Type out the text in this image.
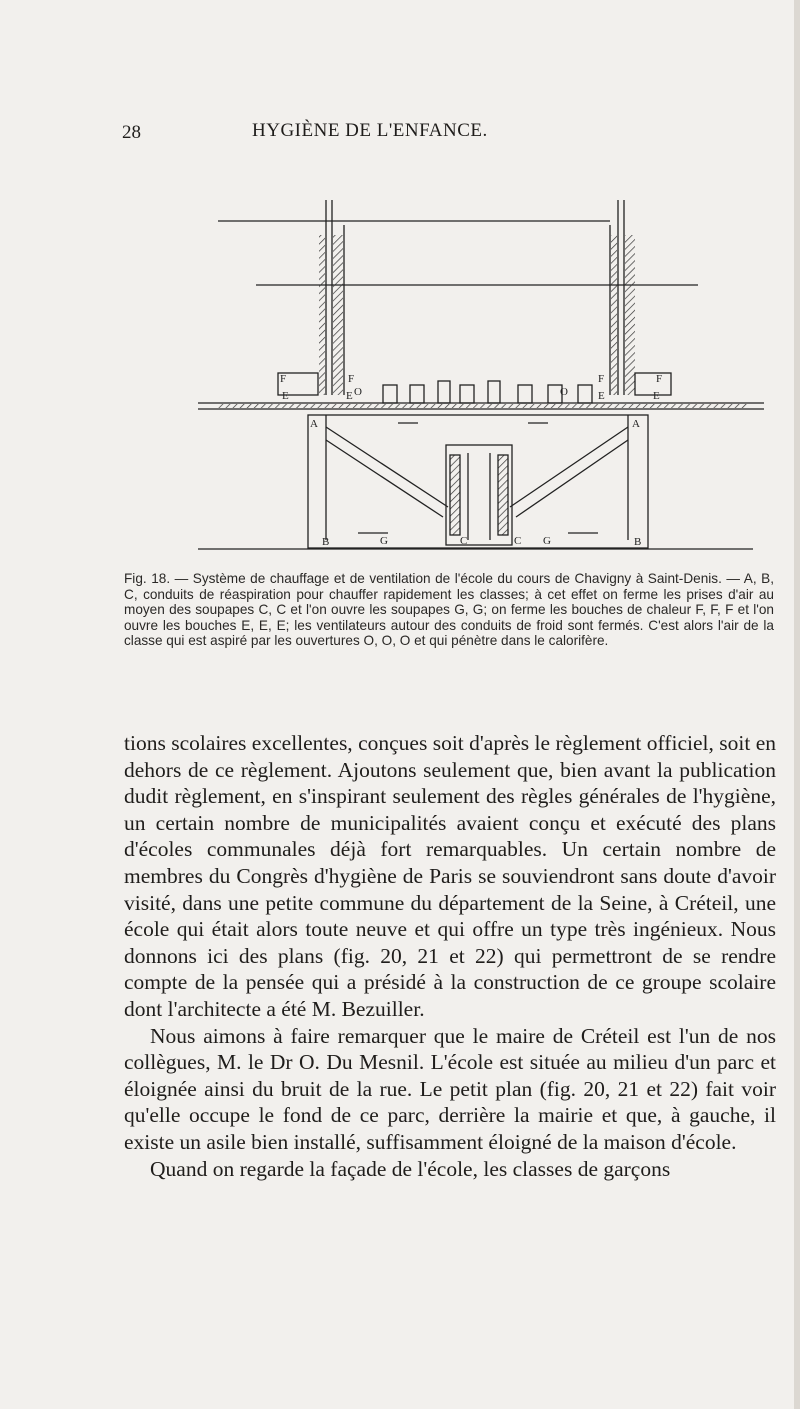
28	HYGIÈNE DE L'ENFANCE.
F	F	F	F
E	E	E	E
A	A
B	B
C	C
G	G
O	O

Fig. 18. — Système de chauffage et de ventilation de l'école du cours de Chavigny à Saint-Denis. — A, B, C, conduits de réaspiration pour chauffer rapidement les classes; à cet effet on ferme les prises d'air au moyen des soupapes C, C et l'on ouvre les soupapes G, G; on ferme les bouches de chaleur F, F, F et l'on ouvre les bouches E, E, E; les ventilateurs autour des conduits de froid sont fermés. C'est alors l'air de la classe qui est aspiré par les ouvertures O, O, O et qui pénètre dans le calorifère.

tions scolaires excellentes, conçues soit d'après le règlement officiel, soit en dehors de ce règlement. Ajoutons seulement que, bien avant la publication dudit règlement, en s'inspirant seulement des règles générales de l'hygiène, un certain nombre de municipalités avaient conçu et exécuté des plans d'écoles communales déjà fort remarquables. Un certain nombre de membres du Congrès d'hygiène de Paris se souviendront sans doute d'avoir visité, dans une petite commune du département de la Seine, à Créteil, une école qui était alors toute neuve et qui offre un type très ingénieux. Nous donnons ici des plans (fig. 20, 21 et 22) qui permettront de se rendre compte de la pensée qui a présidé à la construction de ce groupe scolaire dont l'architecte a été M. Bezuiller.

Nous aimons à faire remarquer que le maire de Créteil est l'un de nos collègues, M. le Dr O. Du Mesnil. L'école est située au milieu d'un parc et éloignée ainsi du bruit de la rue. Le petit plan (fig. 20, 21 et 22) fait voir qu'elle occupe le fond de ce parc, derrière la mairie et que, à gauche, il existe un asile bien installé, suffisamment éloigné de la maison d'école.

Quand on regarde la façade de l'école, les classes de garçons
